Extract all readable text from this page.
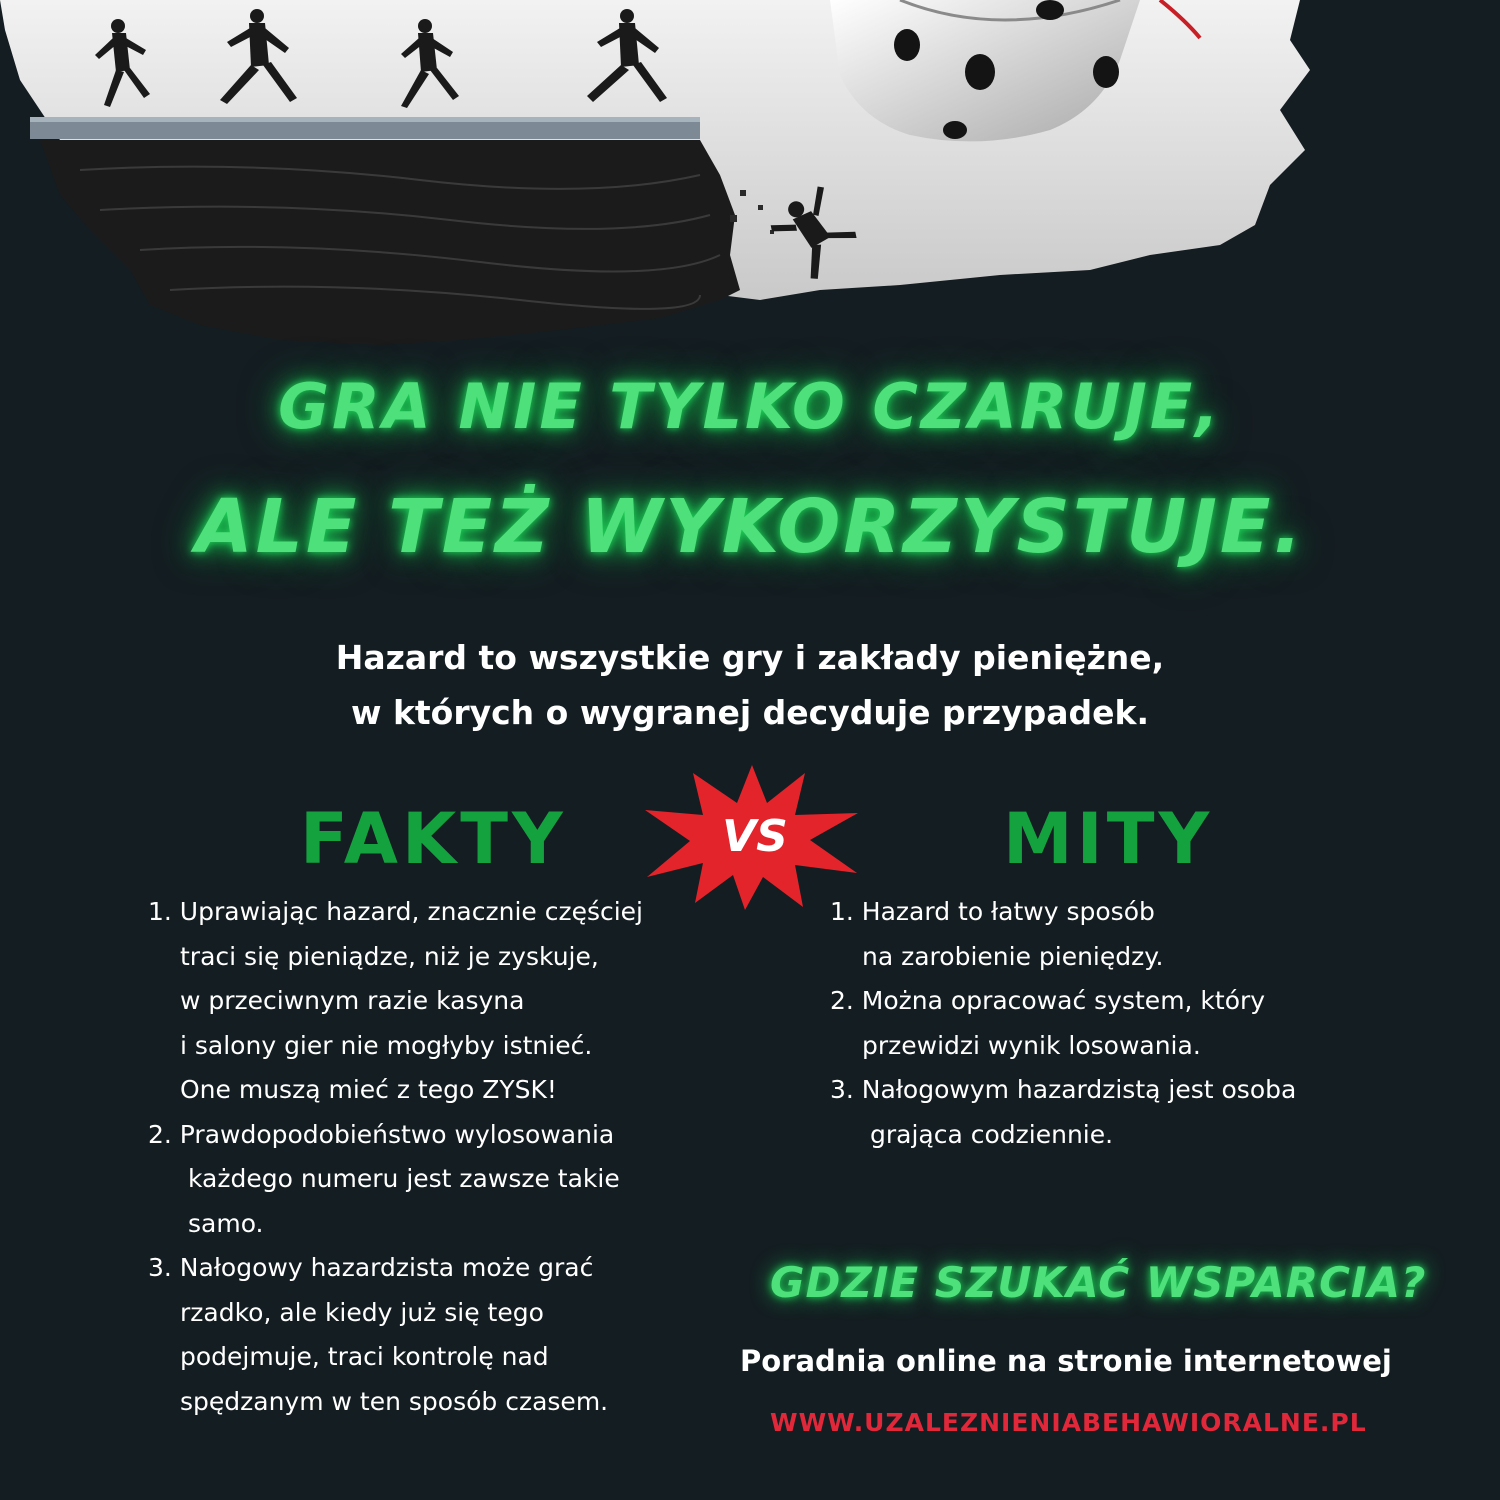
GRA NIE TYLKO CZARUJE,
ALE TEŻ WYKORZYSTUJE.
Hazard to wszystkie gry i zakłady pieniężne,
w których o wygranej decyduje przypadek.
FAKTY	VS	MITY
1. Uprawiając hazard, znacznie częściej
traci się pieniądze, niż je zyskuje,
w przeciwnym razie kasyna
i salony gier nie mogłyby istnieć.
One muszą mieć z tego ZYSK!
2. Prawdopodobieństwo wylosowania
każdego numeru jest zawsze takie
samo.
3. Nałogowy hazardzista może grać
rzadko, ale kiedy już się tego
podejmuje, traci kontrolę nad
spędzanym w ten sposób czasem.
1. Hazard to łatwy sposób
na zarobienie pieniędzy.
2. Można opracować system, który
przewidzi wynik losowania.
3. Nałogowym hazardzistą jest osoba
grająca codziennie.
GDZIE SZUKAĆ WSPARCIA?
Poradnia online na stronie internetowej
WWW.UZALEZNIENIABEHAWIORALNE.PL
